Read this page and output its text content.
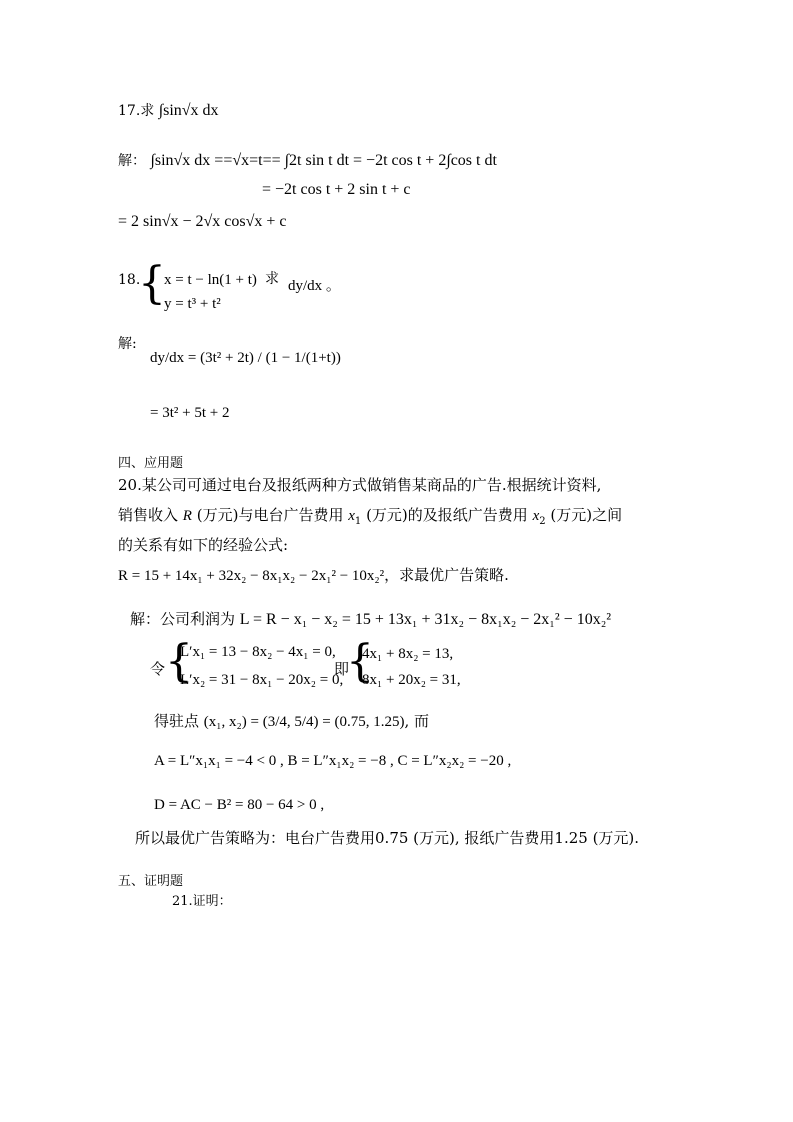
17.求 ∫sin√x dx
解： ∫sin√x dx ==√x=t== ∫2t sin t dt = −2t cos t + 2∫cos t dt
= −2t cos t + 2 sin t + c
= 2 sin√x − 2√x cos√x + c
18.
{
x = t − ln(1 + t)
y = t³ + t²
求 dy/dx 。
解:
dy/dx = (3t² + 2t) / (1 − 1/(1+t))
= 3t² + 5t + 2
四、应用题
20.某公司可通过电台及报纸两种方式做销售某商品的广告.根据统计资料,
销售收入 R (万元)与电台广告费用 $x_1$ (万元)的及报纸广告费用 $x_2$ (万元)之间
的关系有如下的经验公式:
R = 15 + 14x₁ + 32x₂ − 8x₁x₂ − 2x₁² − 10x₂²，求最优广告策略.
解：公司利润为 L = R − x₁ − x₂ = 15 + 13x₁ + 31x₂ − 8x₁x₂ − 2x₁² − 10x₂²
令 {
L′x₁ = 13 − 8x₂ − 4x₁ = 0,
L′x₂ = 31 − 8x₁ − 20x₂ = 0,
即
{
4x₁ + 8x₂ = 13,
8x₁ + 20x₂ = 31,
得驻点 (x₁, x₂) = (3/4, 5/4) = (0.75, 1.25), 而
A = L″x₁x₁ = −4 < 0 , B = L″x₁x₂ = −8 , C = L″x₂x₂ = −20 ,
D = AC − B² = 80 − 64 > 0 ,
所以最优广告策略为：电台广告费用0.75 (万元), 报纸广告费用1.25 (万元).
五、证明题
21.证明：
